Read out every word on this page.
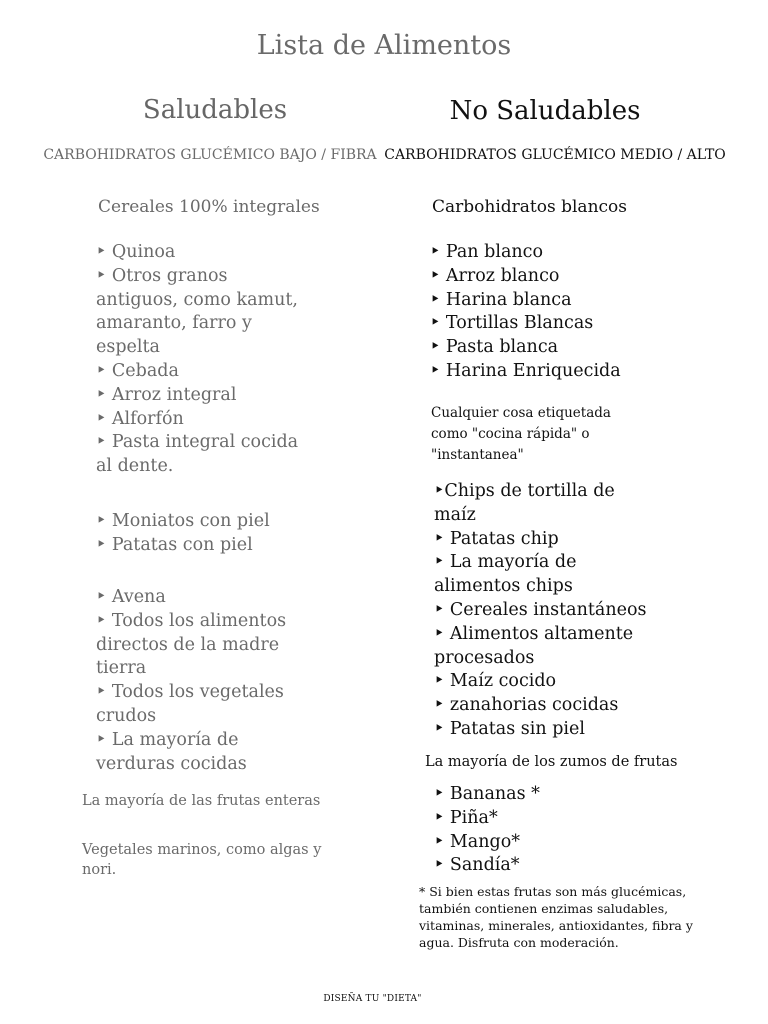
Lista de Alimentos
Saludables
CARBOHIDRATOS GLUCÉMICO BAJO / FIBRA
Cereales 100% integrales
‣ Quinoa
‣ Otros granos antiguos, como kamut, amaranto, farro y espelta
‣ Cebada
‣ Arroz integral
‣ Alforfón
‣ Pasta integral cocida al dente.
‣ Moniatos con piel
‣ Patatas con piel
‣ Avena
‣ Todos los alimentos directos de la madre tierra
‣ Todos los vegetales crudos
‣ La mayoría de verduras cocidas
La mayoría de las frutas enteras
Vegetales marinos, como algas y nori.
No Saludables
CARBOHIDRATOS GLUCÉMICO MEDIO / ALTO
Carbohidratos blancos
‣ Pan blanco
‣ Arroz blanco
‣ Harina blanca
‣ Tortillas Blancas
‣ Pasta blanca
‣ Harina Enriquecida
Cualquier cosa etiquetada como "cocina rápida" o "instantanea"
‣Chips de tortilla de maíz
‣ Patatas chip
‣ La mayoría de alimentos chips
‣ Cereales instantáneos
‣ Alimentos altamente procesados
‣ Maíz cocido
‣ zanahorias cocidas
‣ Patatas sin piel
La mayoría de los zumos de frutas
‣ Bananas *
‣ Piña*
‣ Mango*
‣ Sandía*
* Si bien estas frutas son más glucémicas, también contienen enzimas saludables, vitaminas, minerales, antioxidantes, fibra y agua. Disfruta con moderación.
DISEÑA TU "DIETA"
